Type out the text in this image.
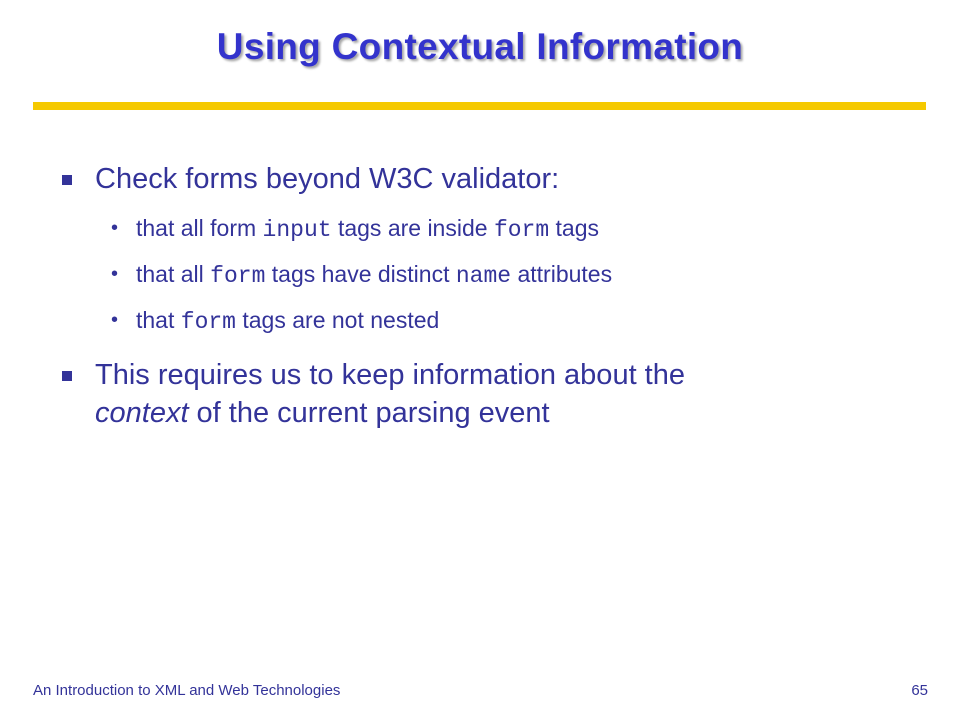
Using Contextual Information
Check forms beyond W3C validator:
• that all form input tags are inside form tags
• that all form tags have distinct name attributes
• that form tags are not nested
This requires us to keep information about the
context of the current parsing event
An Introduction to XML and Web Technologies	65
